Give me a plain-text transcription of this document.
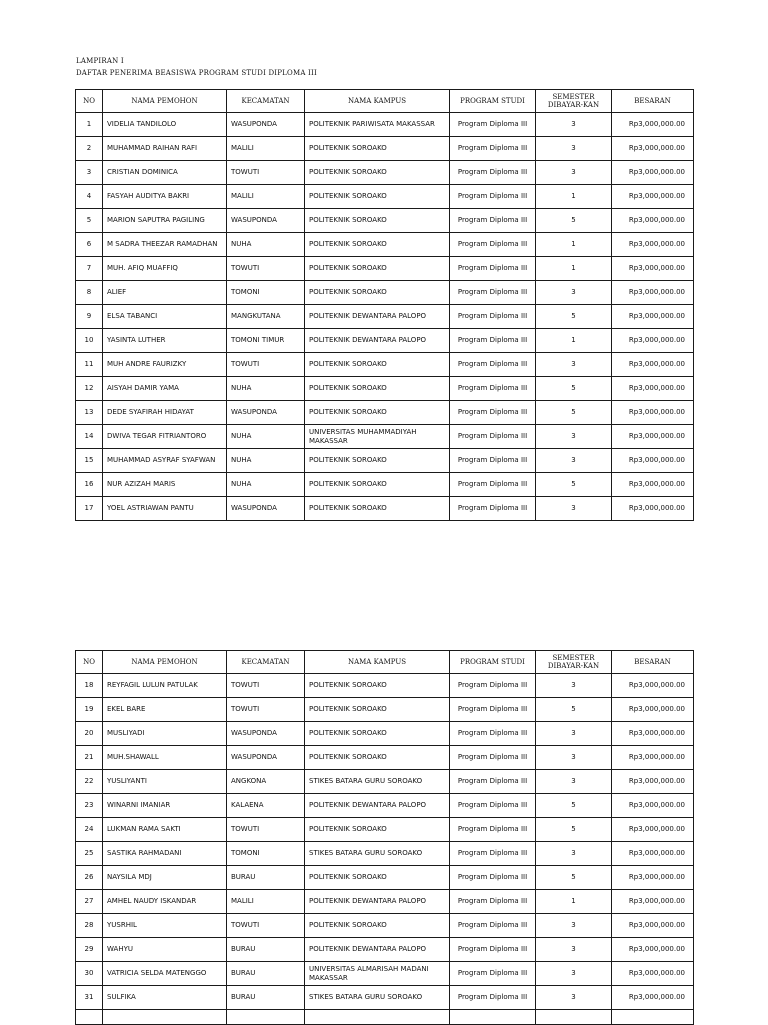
LAMPIRAN I
DAFTAR PENERIMA BEASISWA PROGRAM STUDI DIPLOMA III
NO	NAMA PEMOHON	KECAMATAN	NAMA KAMPUS	PROGRAM STUDI	SEMESTER DIBAYAR-KAN	BESARAN
1	VIDELIA TANDILOLO	WASUPONDA	POLITEKNIK PARIWISATA MAKASSAR	Program Diploma III	3	Rp3,000,000.00
2	MUHAMMAD RAIHAN RAFI	MALILI	POLITEKNIK SOROAKO	Program Diploma III	3	Rp3,000,000.00
3	CRISTIAN DOMINICA	TOWUTI	POLITEKNIK SOROAKO	Program Diploma III	3	Rp3,000,000.00
4	FASYAH AUDITYA BAKRI	MALILI	POLITEKNIK SOROAKO	Program Diploma III	1	Rp3,000,000.00
5	MARION SAPUTRA PAGILING	WASUPONDA	POLITEKNIK SOROAKO	Program Diploma III	5	Rp3,000,000.00
6	M SADRA THEEZAR RAMADHAN	NUHA	POLITEKNIK SOROAKO	Program Diploma III	1	Rp3,000,000.00
7	MUH. AFIQ MUAFFIQ	TOWUTI	POLITEKNIK SOROAKO	Program Diploma III	1	Rp3,000,000.00
8	ALIEF	TOMONI	POLITEKNIK SOROAKO	Program Diploma III	3	Rp3,000,000.00
9	ELSA TABANCI	MANGKUTANA	POLITEKNIK DEWANTARA PALOPO	Program Diploma III	5	Rp3,000,000.00
10	YASINTA LUTHER	TOMONI TIMUR	POLITEKNIK DEWANTARA PALOPO	Program Diploma III	1	Rp3,000,000.00
11	MUH ANDRE FAURIZKY	TOWUTI	POLITEKNIK SOROAKO	Program Diploma III	3	Rp3,000,000.00
12	AISYAH DAMIR YAMA	NUHA	POLITEKNIK SOROAKO	Program Diploma III	5	Rp3,000,000.00
13	DEDE SYAFIRAH HIDAYAT	WASUPONDA	POLITEKNIK SOROAKO	Program Diploma III	5	Rp3,000,000.00
14	DWIVA TEGAR FITRIANTORO	NUHA	UNIVERSITAS MUHAMMADIYAH MAKASSAR	Program Diploma III	3	Rp3,000,000.00
15	MUHAMMAD ASYRAF SYAFWAN	NUHA	POLITEKNIK SOROAKO	Program Diploma III	3	Rp3,000,000.00
16	NUR AZIZAH MARIS	NUHA	POLITEKNIK SOROAKO	Program Diploma III	5	Rp3,000,000.00
17	YOEL ASTRIAWAN PANTU	WASUPONDA	POLITEKNIK SOROAKO	Program Diploma III	3	Rp3,000,000.00
NO	NAMA PEMOHON	KECAMATAN	NAMA KAMPUS	PROGRAM STUDI	SEMESTER DIBAYAR-KAN	BESARAN
18	REYFAGIL LULUN PATULAK	TOWUTI	POLITEKNIK SOROAKO	Program Diploma III	3	Rp3,000,000.00
19	EKEL BARE	TOWUTI	POLITEKNIK SOROAKO	Program Diploma III	5	Rp3,000,000.00
20	MUSLIYADI	WASUPONDA	POLITEKNIK SOROAKO	Program Diploma III	3	Rp3,000,000.00
21	MUH.SHAWALL	WASUPONDA	POLITEKNIK SOROAKO	Program Diploma III	3	Rp3,000,000.00
22	YUSLIYANTI	ANGKONA	STIKES BATARA GURU SOROAKO	Program Diploma III	3	Rp3,000,000.00
23	WINARNI IMANIAR	KALAENA	POLITEKNIK DEWANTARA PALOPO	Program Diploma III	5	Rp3,000,000.00
24	LUKMAN RAMA SAKTI	TOWUTI	POLITEKNIK SOROAKO	Program Diploma III	5	Rp3,000,000.00
25	SASTIKA RAHMADANI	TOMONI	STIKES BATARA GURU SOROAKO	Program Diploma III	3	Rp3,000,000.00
26	NAYSILA MDJ	BURAU	POLITEKNIK SOROAKO	Program Diploma III	5	Rp3,000,000.00
27	AMHEL NAUDY ISKANDAR	MALILI	POLITEKNIK DEWANTARA PALOPO	Program Diploma III	1	Rp3,000,000.00
28	YUSRHIL	TOWUTI	POLITEKNIK SOROAKO	Program Diploma III	3	Rp3,000,000.00
29	WAHYU	BURAU	POLITEKNIK DEWANTARA PALOPO	Program Diploma III	3	Rp3,000,000.00
30	VATRICIA SELDA MATENGGO	BURAU	UNIVERSITAS ALMARISAH MADANI MAKASSAR	Program Diploma III	3	Rp3,000,000.00
31	SULFIKA	BURAU	STIKES BATARA GURU SOROAKO	Program Diploma III	3	Rp3,000,000.00
